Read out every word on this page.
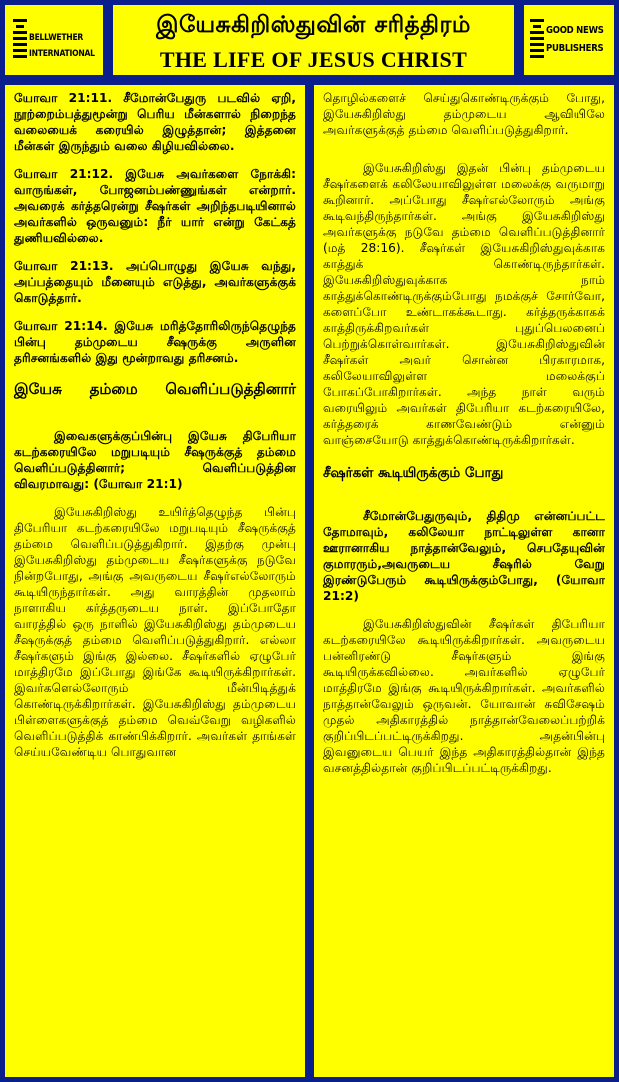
BELLWETHER
INTERNATIONAL
இயேசுகிறிஸ்துவின் சரித்திரம்
THE LIFE OF JESUS CHRIST
GOOD NEWS
PUBLISHERS

யோவா 21:11. சீமோன்பேதுரு படவில் ஏறி, நூற்றைம்பத்துமூன்று பெரிய மீன்களால் நிறைந்த வலையைக் கரையில் இழுத்தான்; இத்தனை மீன்கள் இருந்தும் வலை கிழியவில்லை.

யோவா 21:12. இயேசு அவர்களை நோக்கி: வாருங்கள், போஜனம்பண்ணுங்கள் என்றார். அவரைக் கர்த்தரென்று சீஷர்கள் அறிந்தபடியினால் அவர்களில் ஒருவனும்: நீர் யார் என்று கேட்கத் துணியவில்லை.

யோவா 21:13. அப்பொழுது இயேசு வந்து, அப்பத்தையும் மீனையும் எடுத்து, அவர்களுக்குக் கொடுத்தார்.

யோவா 21:14. இயேசு மரித்தோரிலிருந்தெழுந்த பின்பு தம்முடைய சீஷருக்கு அருளின தரிசனங்களில் இது மூன்றாவது தரிசனம்.

இயேசு தம்மை வெளிப்படுத்தினார்

இவைகளுக்குப்பின்பு இயேசு திபேரியா கடற்கரையிலே மறுபடியும் சீஷருக்குத் தம்மை வெளிப்படுத்தினார்; வெளிப்படுத்தின விவரமாவது: (யோவா 21:1)

இயேசுகிறிஸ்து உயிர்த்தெழுந்த பின்பு திபேரியா கடற்கரையிலே மறுபடியும் சீஷருக்குத் தம்மை வெளிப்படுத்துகிறார். இதற்கு முன்பு இயேசுகிறிஸ்து தம்முடைய சீஷர்களுக்கு நடுவே நின்றபோது, அங்கு அவருடைய சீஷர்எல்லோரும் கூடியிருந்தார்கள். அது வாரத்தின் முதலாம் நாளாகிய கர்த்தருடைய நாள். இப்போதோ வாரத்தில் ஒரு நாளில் இயேசுகிறிஸ்து தம்முடைய சீஷருக்குத் தம்மை வெளிப்படுத்துகிறார். எல்லா சீஷர்களும் இங்கு இல்லை. சீஷர்களில் ஏழுபேர் மாத்திரமே இப்போது இங்கே கூடியிருக்கிறார்கள். இவர்களெல்லோரும் மீன்பிடித்துக் கொண்டிருக்கிறார்கள். இயேசுகிறிஸ்து தம்முடைய பிள்ளைகளுக்குத் தம்மை வெவ்வேறு வழிகளில் வெளிப்படுத்திக் காண்பிக்கிறார். அவர்கள் தாங்கள் செய்யவேண்டிய பொதுவான

தொழில்களைச் செய்துகொண்டிருக்கும் போது, இயேசுகிறிஸ்து தம்முடைய ஆவியிலே அவர்களுக்குத் தம்மை வெளிப்படுத்துகிறார்.

இயேசுகிறிஸ்து இதன் பின்பு தம்முடைய சீஷர்களைக் கலிலேயாவிலுள்ள மலைக்கு வருமாறு கூறினார். அப்போது சீஷர்எல்லோரும் அங்கு கூடிவந்திருந்தார்கள். அங்கு இயேசுகிறிஸ்து அவர்களுக்கு நடுவே தம்மை வெளிப்படுத்தினார் (மத் 28:16). சீஷர்கள் இயேசுகிறிஸ்துவுக்காக காத்துக் கொண்டிருந்தார்கள். இயேசுகிறிஸ்துவுக்காக நாம் காத்துக்கொண்டிருக்கும்போது நமக்குச் சோர்வோ, களைப்போ உண்டாகக்கூடாது. கர்த்தருக்காகக் காத்திருக்கிறவர்கள் புதுப்பெலனைப் பெற்றுக்கொள்வார்கள். இயேசுகிறிஸ்துவின் சீஷர்கள் அவர் சொன்ன பிரகாரமாக, கலிலேயாவிலுள்ள மலைக்குப் போகப்போகிறார்கள். அந்த நாள் வரும் வரையிலும் அவர்கள் திபேரியா கடற்கரையிலே, கர்த்தரைக் காணவேண்டும் என்னும் வாஞ்சையோடு காத்துக்கொண்டிருக்கிறார்கள்.

சீஷர்கள் கூடியிருக்கும் போது

சீமோன்பேதுருவும், திதிமு என்னப்பட்ட தோமாவும், கலிலேயா நாட்டிலுள்ள கானா ஊரானாகிய நாத்தான்வேலும், செபதேயுவின் குமாரரும்,அவருடைய சீஷரில் வேறு இரண்டுபேரும் கூடியிருக்கும்போது, (யோவா 21:2)

இயேசுகிறிஸ்துவின் சீஷர்கள் திபேரியா கடற்கரையிலே கூடியிருக்கிறார்கள். அவருடைய பன்னிரண்டு சீஷர்களும் இங்கு கூடியிருக்கவில்லை. அவர்களில் ஏழுபேர் மாத்திரமே இங்கு கூடியிருக்கிறார்கள். அவர்களில் நாத்தான்வேலும் ஒருவன். யோவான் சுவிசேஷம் முதல் அதிகாரத்தில் நாத்தான்வேலைப்பற்றிக் குறிப்பிடப்பட்டிருக்கிறது. அதன்பின்பு இவனுடைய பெயர் இந்த அதிகாரத்தில்தான் இந்த வசனத்தில்தான் குறிப்பிடப்பட்டிருக்கிறது.
